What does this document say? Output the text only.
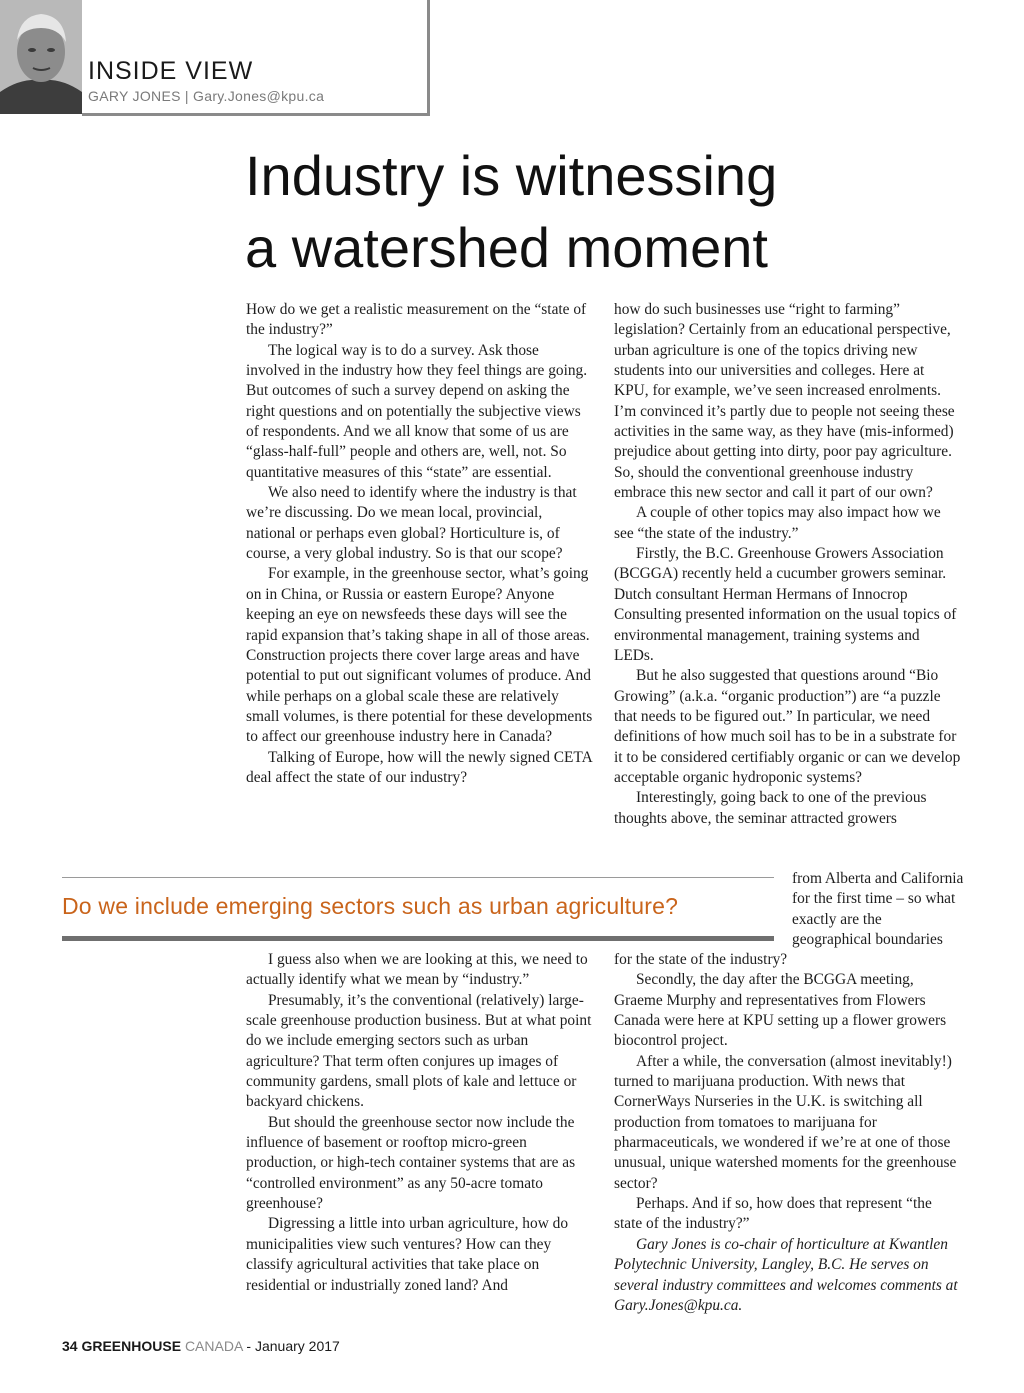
INSIDE VIEW
GARY JONES | Gary.Jones@kpu.ca
Industry is witnessing
a watershed moment

How do we get a realistic measurement on the “state of the industry?”

The logical way is to do a survey. Ask those involved in the industry how they feel things are going. But outcomes of such a survey depend on asking the right questions and on potentially the subjective views of respondents. And we all know that some of us are “glass-half-full” people and others are, well, not. So quantitative measures of this “state” are essential.

We also need to identify where the industry is that we’re discussing. Do we mean local, provincial, national or perhaps even global? Horticulture is, of course, a very global industry. So is that our scope?

For example, in the greenhouse sector, what’s going on in China, or Russia or eastern Europe? Anyone keeping an eye on newsfeeds these days will see the rapid expansion that’s taking shape in all of those areas. Construction projects there cover large areas and have potential to put out significant volumes of produce. And while perhaps on a global scale these are relatively small volumes, is there potential for these developments to affect our greenhouse industry here in Canada?

Talking of Europe, how will the newly signed CETA deal affect the state of our industry?

how do such businesses use “right to farming” legislation? Certainly from an educational perspective, urban agriculture is one of the topics driving new students into our universities and colleges. Here at KPU, for example, we’ve seen increased enrolments. I’m convinced it’s partly due to people not seeing these activities in the same way, as they have (mis-informed) prejudice about getting into dirty, poor pay agriculture. So, should the conventional greenhouse industry embrace this new sector and call it part of our own?

A couple of other topics may also impact how we see “the state of the industry.”

Firstly, the B.C. Greenhouse Growers Association (BCGGA) recently held a cucumber growers seminar. Dutch consultant Herman Hermans of Innocrop Consulting presented information on the usual topics of environmental management, training systems and LEDs.

But he also suggested that questions around “Bio Growing” (a.k.a. “organic production”) are “a puzzle that needs to be figured out.” In particular, we need definitions of how much soil has to be in a substrate for it to be considered certifiably organic or can we develop acceptable organic hydroponic systems?

Interestingly, going back to one of the previous thoughts above, the seminar attracted growers

Do we include emerging sectors such as urban agriculture?
from Alberta and California for the first time – so what exactly are the geographical boundaries

I guess also when we are looking at this, we need to actually identify what we mean by “industry.”

Presumably, it’s the conventional (relatively) large-scale greenhouse production business. But at what point do we include emerging sectors such as urban agriculture? That term often conjures up images of community gardens, small plots of kale and lettuce or backyard chickens.

But should the greenhouse sector now include the influence of basement or rooftop micro-green production, or high-tech container systems that are as “controlled environment” as any 50-acre tomato greenhouse?

Digressing a little into urban agriculture, how do municipalities view such ventures? How can they classify agricultural activities that take place on residential or industrially zoned land? And

for the state of the industry?

Secondly, the day after the BCGGA meeting, Graeme Murphy and representatives from Flowers Canada were here at KPU setting up a flower growers biocontrol project.

After a while, the conversation (almost inevitably!) turned to marijuana production. With news that CornerWays Nurseries in the U.K. is switching all production from tomatoes to marijuana for pharmaceuticals, we wondered if we’re at one of those unusual, unique watershed moments for the greenhouse sector?

Perhaps. And if so, how does that represent “the state of the industry?”

Gary Jones is co-chair of horticulture at Kwantlen Polytechnic University, Langley, B.C. He serves on several industry committees and welcomes comments at Gary.Jones@kpu.ca.

34 GREENHOUSE CANADA - January 2017
